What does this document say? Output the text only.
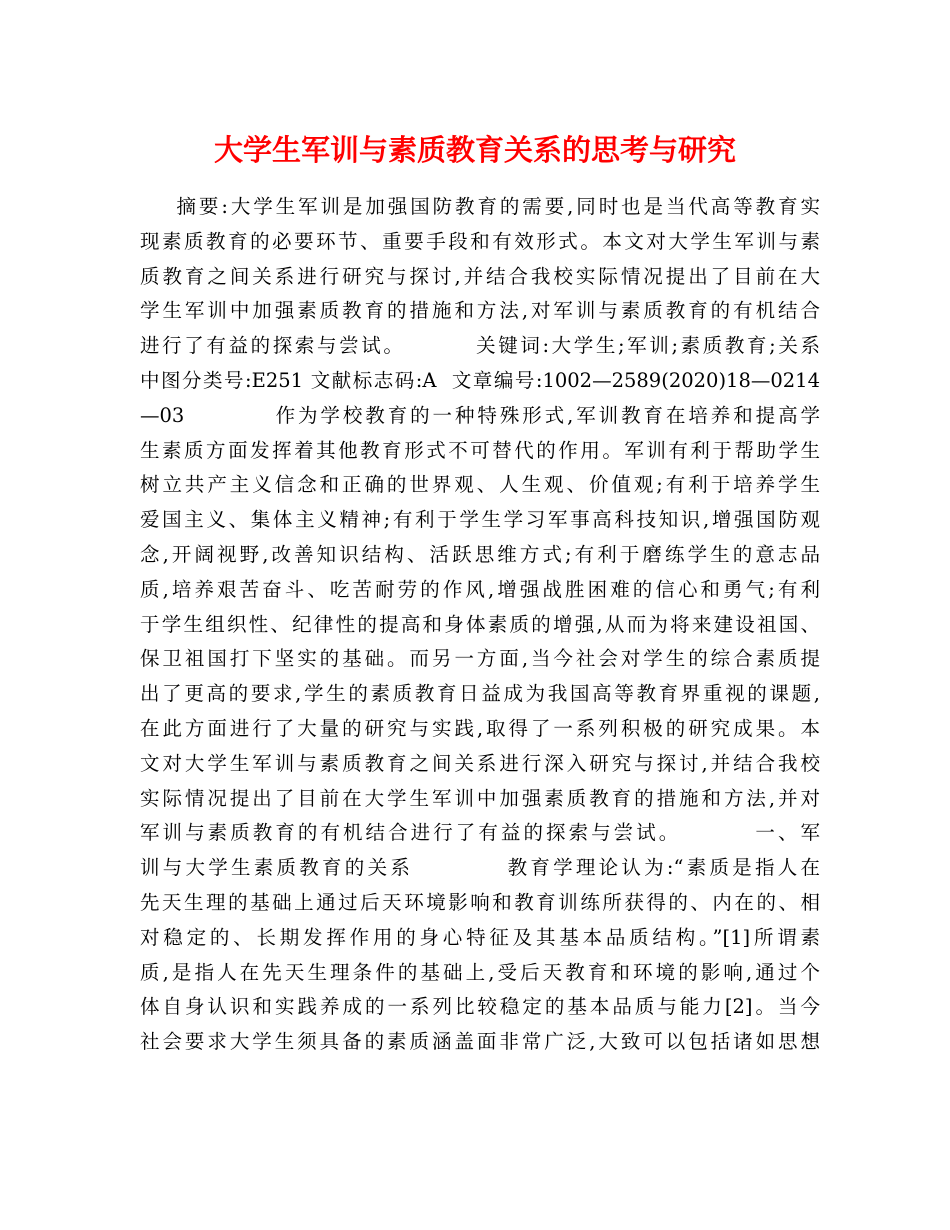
大学生军训与素质教育关系的思考与研究
摘要:大学生军训是加强国防教育的需要,同时也是当代高等教育实
现素质教育的必要环节、重要手段和有效形式。本文对大学生军训与素
质教育之间关系进行研究与探讨,并结合我校实际情况提出了目前在大
学生军训中加强素质教育的措施和方法,对军训与素质教育的有机结合
进行了有益的探索与尝试。        关键词:大学生;军训;素质教育;关系
中图分类号:E251 文献标志码:A  文章编号:1002—2589(2020)18—0214
—03          作为学校教育的一种特殊形式,军训教育在培养和提高学
生素质方面发挥着其他教育形式不可替代的作用。军训有利于帮助学生
树立共产主义信念和正确的世界观、人生观、价值观;有利于培养学生
爱国主义、集体主义精神;有利于学生学习军事高科技知识,增强国防观
念,开阔视野,改善知识结构、活跃思维方式;有利于磨练学生的意志品
质,培养艰苦奋斗、吃苦耐劳的作风,增强战胜困难的信心和勇气;有利
于学生组织性、纪律性的提高和身体素质的增强,从而为将来建设祖国、
保卫祖国打下坚实的基础。而另一方面,当今社会对学生的综合素质提
出了更高的要求,学生的素质教育日益成为我国高等教育界重视的课题,
在此方面进行了大量的研究与实践,取得了一系列积极的研究成果。本
文对大学生军训与素质教育之间关系进行深入研究与探讨,并结合我校
实际情况提出了目前在大学生军训中加强素质教育的措施和方法,并对
军训与素质教育的有机结合进行了有益的探索与尝试。        一、军
训与大学生素质教育的关系          教育学理论认为:“素质是指人在
先天生理的基础上通过后天环境影响和教育训练所获得的、内在的、相
对稳定的、长期发挥作用的身心特征及其基本品质结构。”[1]所谓素
质,是指人在先天生理条件的基础上,受后天教育和环境的影响,通过个
体自身认识和实践养成的一系列比较稳定的基本品质与能力[2]。当今
社会要求大学生须具备的素质涵盖面非常广泛,大致可以包括诸如思想
